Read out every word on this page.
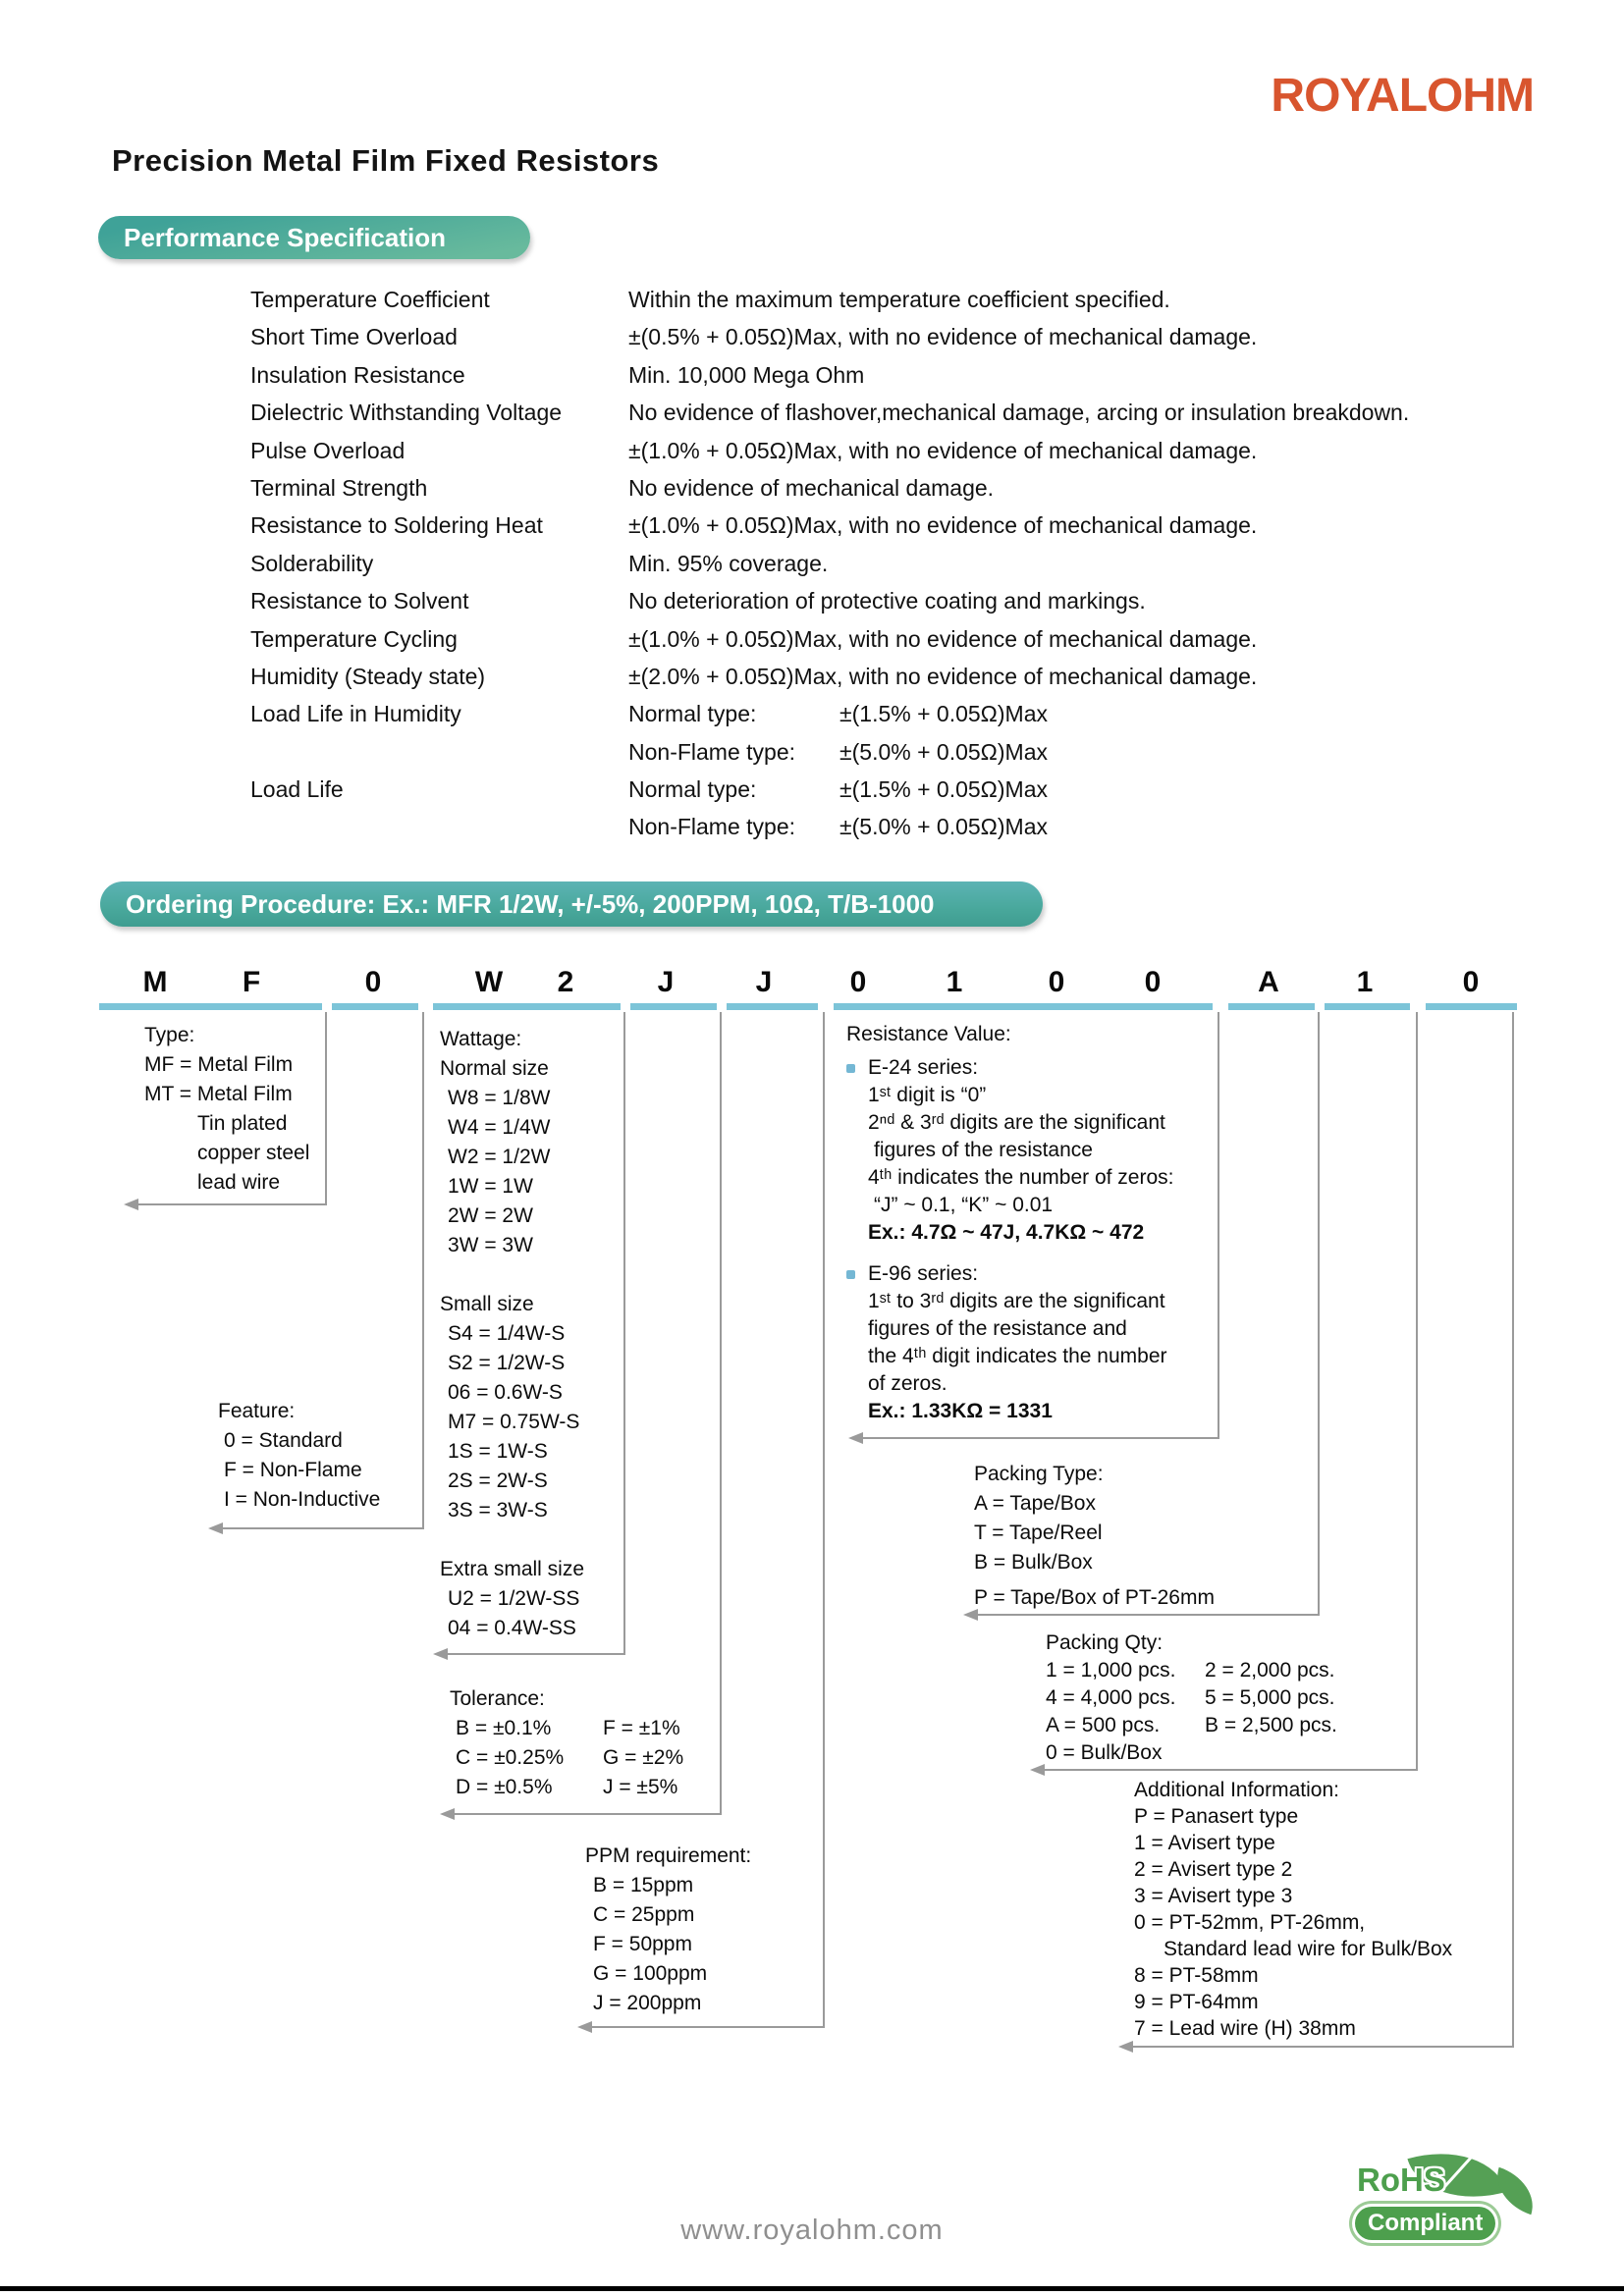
ROYALOHM
Precision Metal Film Fixed Resistors
Performance Specification
Temperature Coefficient	Within the maximum temperature coefficient specified.
Short Time Overload	±(0.5% + 0.05Ω)Max, with no evidence of mechanical damage.
Insulation Resistance	Min. 10,000 Mega Ohm
Dielectric Withstanding Voltage	No evidence of flashover,mechanical damage, arcing or insulation breakdown.
Pulse Overload	±(1.0% + 0.05Ω)Max, with no evidence of mechanical damage.
Terminal Strength	No evidence of mechanical damage.
Resistance to Soldering Heat	±(1.0% + 0.05Ω)Max, with no evidence of mechanical damage.
Solderability	Min. 95% coverage.
Resistance to Solvent	No deterioration of protective coating and markings.
Temperature Cycling	±(1.0% + 0.05Ω)Max, with no evidence of mechanical damage.
Humidity (Steady state)	±(2.0% + 0.05Ω)Max, with no evidence of mechanical damage.
Load Life in Humidity	Normal type:	±(1.5% + 0.05Ω)Max
Non-Flame type:	±(5.0% + 0.05Ω)Max
Load Life	Normal type:	±(1.5% + 0.05Ω)Max
Non-Flame type:	±(5.0% + 0.05Ω)Max
Ordering Procedure: Ex.: MFR 1/2W, +/-5%, 200PPM, 10Ω, T/B-1000
M	F	0	W 2	J	J	0	1	0	0	A	1	0
Type:
MF = Metal Film
MT = Metal Film
Tin plated
copper steel
lead wire
Feature:
0 = Standard
F = Non-Flame
I = Non-Inductive
Wattage:
Normal size
W8 = 1/8W
W4 = 1/4W
W2 = 1/2W
1W = 1W
2W = 2W
3W = 3W
Small size
S4 = 1/4W-S
S2 = 1/2W-S
06 = 0.6W-S
M7 = 0.75W-S
1S = 1W-S
2S = 2W-S
3S = 3W-S
Extra small size
U2 = 1/2W-SS
04 = 0.4W-SS
Tolerance:
B = ±0.1%	F = ±1%
C = ±0.25%	G = ±2%
D = ±0.5%	J = ±5%
PPM requirement:
B = 15ppm
C = 25ppm
F = 50ppm
G = 100ppm
J = 200ppm
Resistance Value:
E-24 series:
1ˢᵗ digit is “0”
2ⁿᵈ & 3ʳᵈ digits are the significant
figures of the resistance
4ᵗʰ indicates the number of zeros:
“J” ~ 0.1, “K” ~ 0.01
Ex.: 4.7Ω ~ 47J, 4.7KΩ ~ 472
E-96 series:
1ˢᵗ to 3ʳᵈ digits are the significant
figures of the resistance and
the 4ᵗʰ digit indicates the number
of zeros.
Ex.: 1.33KΩ = 1331
Packing Type:
A = Tape/Box
T = Tape/Reel
B = Bulk/Box
P = Tape/Box of PT-26mm
Packing Qty:
1 = 1,000 pcs.	2 = 2,000 pcs.
4 = 4,000 pcs.	5 = 5,000 pcs.
A = 500 pcs.	B = 2,500 pcs.
0 = Bulk/Box
Additional Information:
P = Panasert type
1 = Avisert type
2 = Avisert type 2
3 = Avisert type 3
0 = PT-52mm, PT-26mm,
Standard lead wire for Bulk/Box
8 = PT-58mm
9 = PT-64mm
7 = Lead wire (H) 38mm
www.royalohm.com
RoHS
Compliant
